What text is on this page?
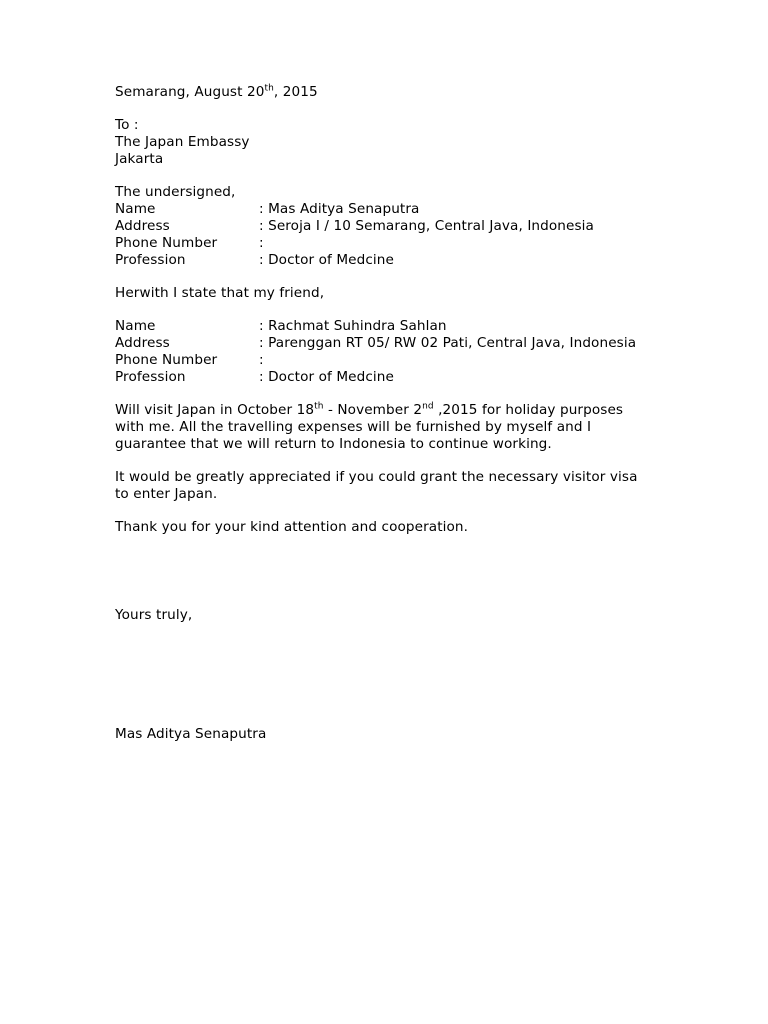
Semarang, August 20th, 2015
To :
The Japan Embassy
Jakarta
The undersigned,
Name	: Mas Aditya Senaputra
Address	: Seroja I / 10 Semarang, Central Java, Indonesia
Phone Number	:
Profession	: Doctor of Medcine
Herwith I state that my friend,
Name	: Rachmat Suhindra Sahlan
Address	: Parenggan RT 05/ RW 02 Pati, Central Java, Indonesia
Phone Number	:
Profession	: Doctor of Medcine
Will visit Japan in October 18th - November 2nd ,2015 for holiday purposes with me. All the travelling expenses will be furnished by myself and I guarantee that we will return to Indonesia to continue working.
It would be greatly appreciated if you could grant the necessary visitor visa to enter Japan.
Thank you for your kind attention and cooperation.
Yours truly,
Mas Aditya Senaputra
